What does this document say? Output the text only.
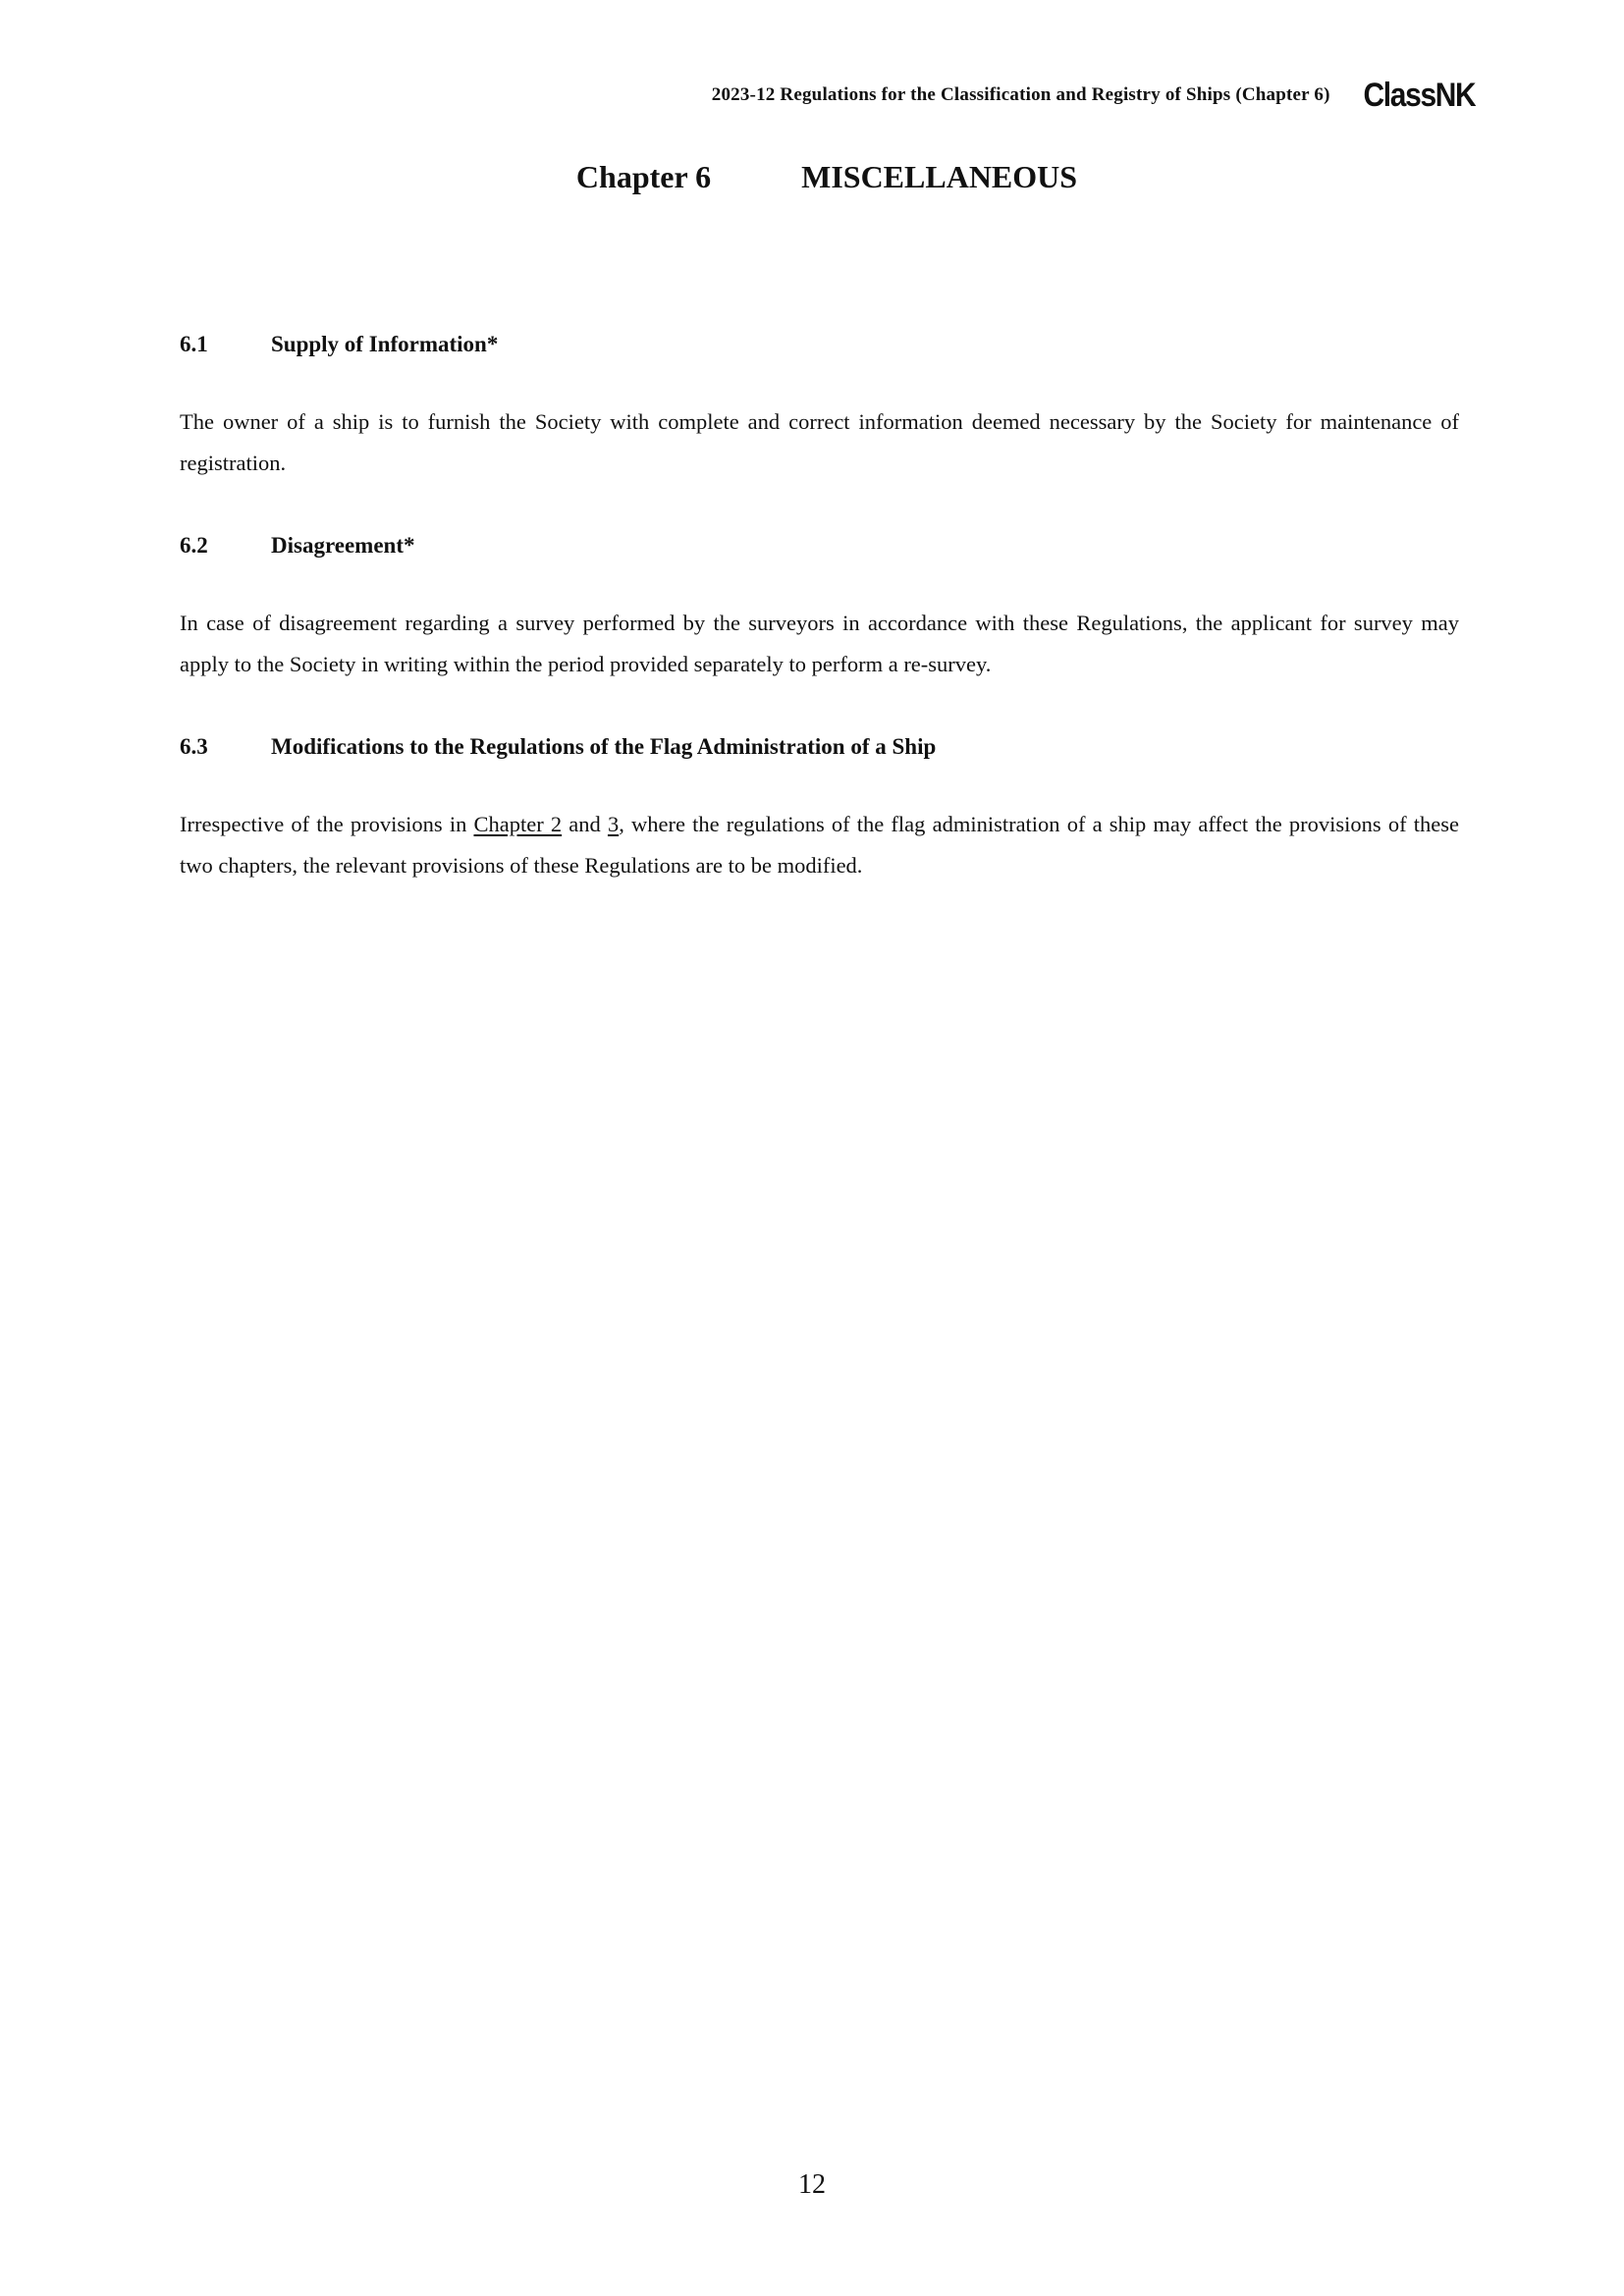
2023-12 Regulations for the Classification and Registry of Ships (Chapter 6) ClassNK
Chapter 6	MISCELLANEOUS
6.1	Supply of Information*

The owner of a ship is to furnish the Society with complete and correct information deemed necessary by the Society for maintenance of registration.

6.2	Disagreement*

In case of disagreement regarding a survey performed by the surveyors in accordance with these Regulations, the applicant for survey may apply to the Society in writing within the period provided separately to perform a re-survey.

6.3	Modifications to the Regulations of the Flag Administration of a Ship

Irrespective of the provisions in Chapter 2 and 3, where the regulations of the flag administration of a ship may affect the provisions of these two chapters, the relevant provisions of these Regulations are to be modified.

12
